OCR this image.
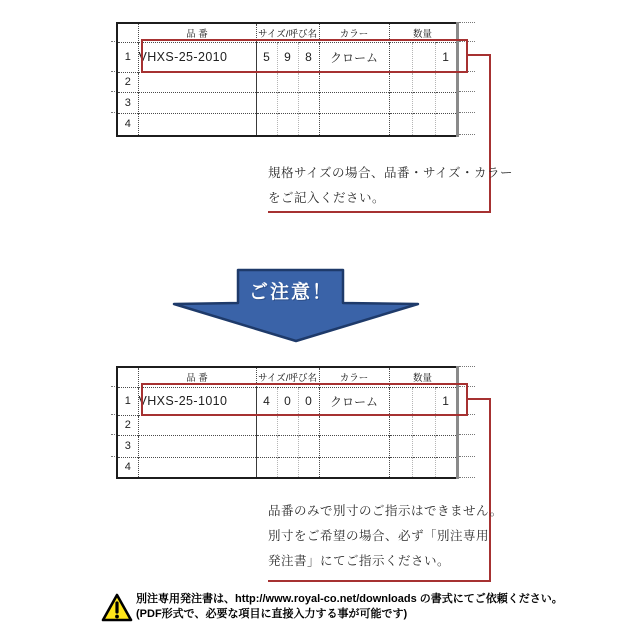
	品 番	サイズ/呼び名			カラー	数量		
1	VHXS-25-2010	5	9	8	クローム			1
2								
3								
4								
規格サイズの場合、品番・サイズ・カラー
をご記入ください。
ご注意！
	品 番	サイズ/呼び名			カラー	数量		
1	VHXS-25-1010	4	0	0	クローム			1
2								
3								
4								
品番のみで別寸のご指示はできません。
別寸をご希望の場合、必ず「別注専用
発注書」にてご指示ください。
別注専用発注書は、http://www.royal-co.net/downloads の書式にてご依頼ください。
(PDF形式で、必要な項目に直接入力する事が可能です)
